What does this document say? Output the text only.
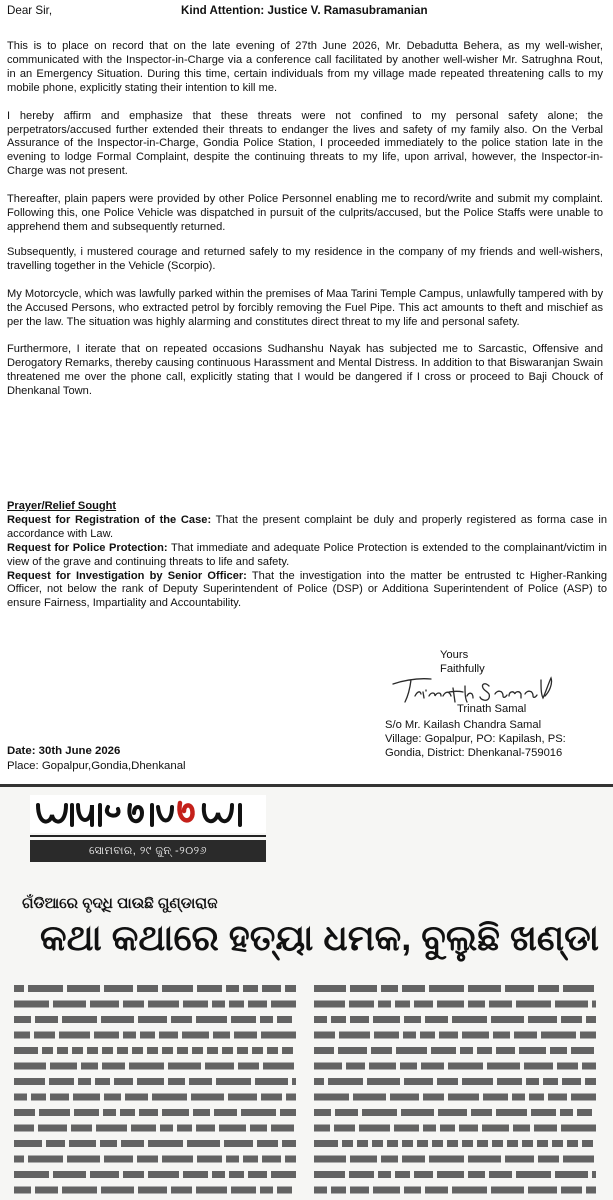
Dear Sir,	Kind Attention: Justice V. Ramasubramanian

This is to place on record that on the late evening of 27th June 2026, Mr. Debadutta Behera, as my well-wisher, communicated with the Inspector-in-Charge via a conference call facilitated by another well-wisher Mr. Satrughna Rout, in an Emergency Situation. During this time, certain individuals from my village made repeated threatening calls to my mobile phone, explicitly stating their intention to kill me.

I hereby affirm and emphasize that these threats were not confined to my personal safety alone; the perpetrators/accused further extended their threats to endanger the lives and safety of my family also. On the Verbal Assurance of the Inspector-in-Charge, Gondia Police Station, I proceeded immediately to the police station late in the evening to lodge Formal Complaint, despite the continuing threats to my life, upon arrival, however, the Inspector-in-Charge was not present.

Thereafter, plain papers were provided by other Police Personnel enabling me to record/write and submit my complaint. Following this, one Police Vehicle was dispatched in pursuit of the culprits/accused, but the Police Staffs were unable to apprehend them and subsequently returned.

Subsequently, i mustered courage and returned safely to my residence in the company of my friends and well-wishers, travelling together in the Vehicle (Scorpio).

My Motorcycle, which was lawfully parked within the premises of Maa Tarini Temple Campus, unlawfully tampered with by the Accused Persons, who extracted petrol by forcibly removing the Fuel Pipe. This act amounts to theft and mischief as per the law. The situation was highly alarming and constitutes direct threat to my life and personal safety.

Furthermore, I iterate that on repeated occasions Sudhanshu Nayak has subjected me to Sarcastic, Offensive and Derogatory Remarks, thereby causing continuous Harassment and Mental Distress. In addition to that Biswaranjan Swain threatened me over the phone call, explicitly stating that I would be dangered if I cross or proceed to Baji Chouck of Dhenkanal Town.

Prayer/Relief Sought
Request for Registration of the Case: That the present complaint be duly and properly registered as forma case in accordance with Law.
Request for Police Protection: That immediate and adequate Police Protection is extended to the complainant/victim in view of the grave and continuing threats to life and safety.
Request for Investigation by Senior Officer: That the investigation into the matter be entrusted tc Higher-Ranking Officer, not below the rank of Deputy Superintendent of Police (DSP) or Additiona Superintendent of Police (ASP) to ensure Fairness, Impartiality and Accountability.
Yours Faithfully
Trinath Samal
Trinath Samal
S/o Mr. Kailash Chandra Samal
Village: Gopalpur, PO: Kapilash, PS:
Gondia, District: Dhenkanal-759016
Date: 30th June 2026
Place: Gopalpur,Gondia,Dhenkanal
ସୋମବାର, ୨୯ ଜୁନ୍ -୨୦୨୬
ଗଁଡିଆରେ ବୃଦ୍ଧି ପାଉଛି ଗୁଣ୍ଡାରାଜ
କଥା କଥାରେ ହତ୍ୟା ଧମକ, ବୁଲୁଛି ଖଣ୍ଡା
